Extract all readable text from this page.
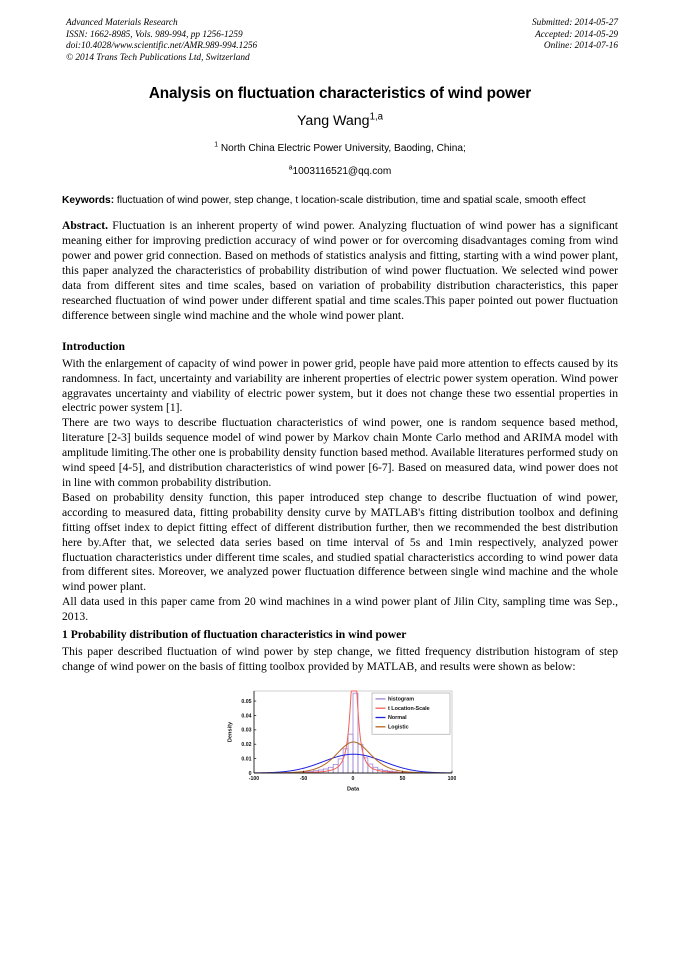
Advanced Materials Research
ISSN: 1662-8985, Vols. 989-994, pp 1256-1259
doi:10.4028/www.scientific.net/AMR.989-994.1256
© 2014 Trans Tech Publications Ltd, Switzerland
Submitted: 2014-05-27
Accepted: 2014-05-29
Online: 2014-07-16
Analysis on fluctuation characteristics of wind power
Yang Wang$^{1,a}$
$^1$ North China Electric Power University, Baoding, China;
$^a$1003116521@qq.com
Keywords: fluctuation of wind power, step change, t location-scale distribution, time and spatial scale, smooth effect
Abstract. Fluctuation is an inherent property of wind power. Analyzing fluctuation of wind power has a significant meaning either for improving prediction accuracy of wind power or for overcoming disadvantages coming from wind power and power grid connection. Based on methods of statistics analysis and fitting, starting with a wind power plant, this paper analyzed the characteristics of probability distribution of wind power fluctuation. We selected wind power data from different sites and time scales, based on variation of probability distribution characteristics, this paper researched fluctuation of wind power under different spatial and time scales.This paper pointed out power fluctuation difference between single wind machine and the whole wind power plant.
Introduction

With the enlargement of capacity of wind power in power grid, people have paid more attention to effects caused by its randomness. In fact, uncertainty and variability are inherent properties of electric power system operation. Wind power aggravates uncertainty and viability of electric power system, but it does not change these two essential properties in electric power system [1].

There are two ways to describe fluctuation characteristics of wind power, one is random sequence based method, literature [2-3] builds sequence model of wind power by Markov chain Monte Carlo method and ARIMA model with amplitude limiting.The other one is probability density function based method. Available literatures performed study on wind speed [4-5], and distribution characteristics of wind power [6-7]. Based on measured data, wind power does not in line with common probability distribution.

Based on probability density function, this paper introduced step change to describe fluctuation of wind power, according to measured data, fitting probability density curve by MATLAB's fitting distribution toolbox and defining fitting offset index to depict fitting effect of different distribution further, then we recommended the best distribution here by.After that, we selected data series based on time interval of 5s and 1min respectively, analyzed power fluctuation characteristics under different time scales, and studied spatial characteristics according to wind power data from different sites. Moreover, we analyzed power fluctuation difference between single wind machine and the whole wind power plant.

All data used in this paper came from 20 wind machines in a wind power plant of Jilin City, sampling time was Sep., 2013.

1 Probability distribution of fluctuation characteristics in wind power

This paper described fluctuation of wind power by step change, we fitted frequency distribution histogram of step change of wind power on the basis of fitting toolbox provided by MATLAB, and results were shown as below:

-100	-50	0	50	100
0
0.01
0.02
0.03
0.04
0.05
Data
Density
histogram
t Location-Scale
Normal
Logistic
